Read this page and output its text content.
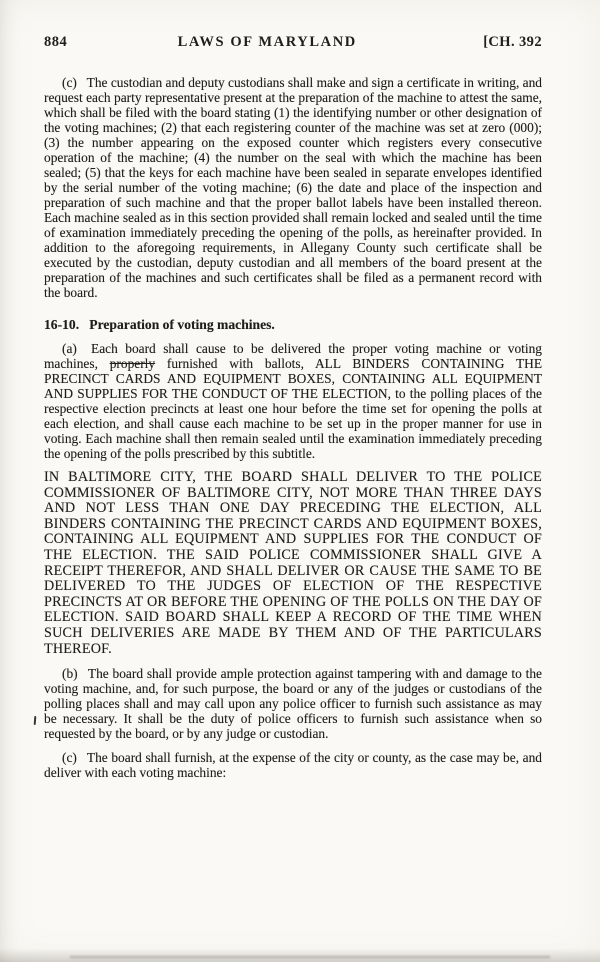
884	LAWS OF MARYLAND	[CH. 392

(c)  The custodian and deputy custodians shall make and sign a certificate in writing, and request each party representative present at the preparation of the machine to attest the same, which shall be filed with the board stating (1) the identifying number or other designation of the voting machines; (2) that each registering counter of the machine was set at zero (000); (3) the number appearing on the exposed counter which registers every consecutive operation of the machine; (4) the number on the seal with which the machine has been sealed; (5) that the keys for each machine have been sealed in separate envelopes identified by the serial number of the voting machine; (6) the date and place of the inspection and preparation of such machine and that the proper ballot labels have been installed thereon. Each machine sealed as in this section provided shall remain locked and sealed until the time of examination immediately preceding the opening of the polls, as hereinafter provided. In addition to the aforegoing requirements, in Allegany County such certificate shall be executed by the custodian, deputy custodian and all members of the board present at the preparation of the machines and such certificates shall be filed as a permanent record with the board.

16-10.  Preparation of voting machines.

(a)  Each board shall cause to be delivered the proper voting machine or voting machines, properly furnished with ballots, ALL BINDERS CONTAINING THE PRECINCT CARDS AND EQUIPMENT BOXES, CONTAINING ALL EQUIPMENT AND SUPPLIES FOR THE CONDUCT OF THE ELECTION, to the polling places of the respective election precincts at least one hour before the time set for opening the polls at each election, and shall cause each machine to be set up in the proper manner for use in voting. Each machine shall then remain sealed until the examination immediately preceding the opening of the polls prescribed by this subtitle.

IN BALTIMORE CITY, THE BOARD SHALL DELIVER TO THE POLICE COMMISSIONER OF BALTIMORE CITY, NOT MORE THAN THREE DAYS AND NOT LESS THAN ONE DAY PRECEDING THE ELECTION, ALL BINDERS CONTAINING THE PRECINCT CARDS AND EQUIPMENT BOXES, CONTAINING ALL EQUIPMENT AND SUPPLIES FOR THE CONDUCT OF THE ELECTION. THE SAID POLICE COMMISSIONER SHALL GIVE A RECEIPT THEREFOR, AND SHALL DELIVER OR CAUSE THE SAME TO BE DELIVERED TO THE JUDGES OF ELECTION OF THE RESPECTIVE PRECINCTS AT OR BEFORE THE OPENING OF THE POLLS ON THE DAY OF ELECTION. SAID BOARD SHALL KEEP A RECORD OF THE TIME WHEN SUCH DELIVERIES ARE MADE BY THEM AND OF THE PARTICULARS THEREOF.

(b)  The board shall provide ample protection against tampering with and damage to the voting machine, and, for such purpose, the board or any of the judges or custodians of the polling places shall and may call upon any police officer to furnish such assistance as may be necessary. It shall be the duty of police officers to furnish such assistance when so requested by the board, or by any judge or custodian.

(c)  The board shall furnish, at the expense of the city or county, as the case may be, and deliver with each voting machine:
